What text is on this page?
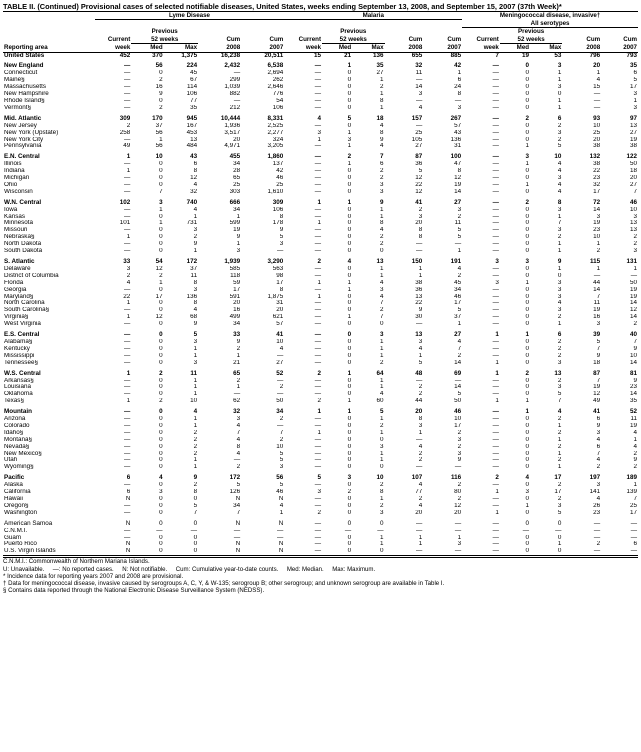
TABLE II. (Continued) Provisional cases of selected notifiable diseases, United States, weeks ending September 13, 2008, and September 15, 2007 (37th Week)*
	Lyme Disease					Malaria					Meningococcal disease, invasive†				
											All serotypes				
		Previous					Previous					Previous			
	Current	52 weeks		Cum	Cum	Current	52 weeks		Cum	Cum	Current	52 weeks		Cum	Cum
Reporting area	week	Med	Max	2008	2007	week	Med	Max	2008	2007	week	Med	Max	2008	2007
United States	452	370	1,375	16,238	20,511	15	21	136	655	885	7	19	53	796	793
New England	—	56	224	2,432	6,538	—	1	35	32	42	—	0	3	20	35
Connecticut	—	0	45	—	2,694	—	0	27	11	1	—	0	1	1	6
Maine§	—	2	67	299	262	—	0	1	—	6	—	0	1	4	5
Massachusetts	—	16	114	1,039	2,646	—	0	2	14	24	—	0	3	15	17
New Hampshire	—	9	106	882	776	—	0	1	3	8	—	0	0	—	3
Rhode Island§	—	0	77	—	54	—	0	8	—	—	—	0	1	—	1
Vermont§	—	2	35	212	106	—	0	1	4	3	—	0	1	—	3
Mid. Atlantic	309	170	945	10,444	8,331	4	5	18	157	267	—	2	6	93	97
New Jersey	2	37	167	1,936	2,525	—	0	4	—	57	—	0	2	10	13
New York (Upstate)	258	56	453	3,517	2,277	3	1	8	25	43	—	0	3	25	27
New York City	—	1	13	20	324	1	3	9	105	136	—	0	2	20	19
Pennsylvania	49	56	484	4,971	3,205	—	1	4	27	31	—	1	5	38	38
E.N. Central	1	10	43	455	1,860	—	2	7	87	100	—	3	10	132	122
Illinois	—	0	6	34	137	—	1	6	36	47	—	1	4	38	50
Indiana	1	0	8	28	42	—	0	2	5	8	—	0	4	22	18
Michigan	—	0	12	65	46	—	0	2	12	12	—	0	3	23	20
Ohio	—	0	4	25	25	—	0	3	22	19	—	1	4	32	27
Wisconsin	—	7	32	303	1,610	—	0	3	12	14	—	0	4	17	7
W.N. Central	102	3	740	666	309	1	1	9	41	27	—	2	8	72	46
Iowa	—	1	4	34	106	—	0	1	2	3	—	0	3	14	10
Kansas	—	0	1	1	8	—	0	1	3	2	—	0	1	3	3
Minnesota	101	1	731	599	178	1	0	8	20	11	—	0	7	19	13
Missouri	—	0	3	19	9	—	0	4	8	5	—	0	3	23	13
Nebraska§	1	0	2	9	5	—	0	2	8	5	—	0	2	10	2
North Dakota	—	0	9	1	3	—	0	2	—	—	—	0	1	1	2
South Dakota	—	0	1	3	—	—	0	0	—	1	—	0	1	2	3
S. Atlantic	33	54	172	1,939	3,290	2	4	13	150	191	3	3	9	115	131
Delaware	3	12	37	585	563	—	0	1	1	4	—	0	1	1	1
District of Columbia	2	2	11	118	98	—	0	1	1	2	—	0	0	—	—
Florida	4	1	8	59	17	1	1	4	38	45	3	1	3	44	50
Georgia	—	0	3	17	8	—	1	3	36	34	—	0	3	14	19
Maryland§	22	17	136	591	1,875	1	0	4	13	46	—	0	3	7	19
North Carolina	1	0	8	20	31	—	0	7	22	17	—	0	4	11	14
South Carolina§	—	0	4	16	20	—	0	2	9	5	—	0	3	19	12
Virginia§	1	12	68	499	621	—	1	7	30	37	—	0	2	16	14
West Virginia	—	0	9	34	57	—	0	0	—	1	—	0	1	3	2
E.S. Central	—	0	5	33	41	—	0	3	13	27	1	1	6	39	40
Alabama§	—	0	3	9	10	—	0	1	3	4	—	0	2	5	7
Kentucky	—	0	1	2	4	—	0	1	4	7	—	0	2	7	9
Mississippi	—	0	1	1	—	—	0	1	1	2	—	0	2	9	10
Tennessee§	—	0	3	21	27	—	0	2	5	14	1	0	3	18	14
W.S. Central	1	2	11	65	52	2	1	64	48	69	1	2	13	87	81
Arkansas§	—	0	1	2	—	—	0	1	—	—	—	0	2	7	9
Louisiana	—	0	1	1	2	—	0	1	2	14	—	0	3	19	23
Oklahoma	—	0	1	—	—	—	0	4	2	5	—	0	5	12	14
Texas§	1	2	10	62	50	2	1	60	44	50	1	1	7	49	35
Mountain	—	0	4	32	34	1	1	5	20	46	—	1	4	41	52
Arizona	—	0	1	3	2	—	0	1	8	10	—	0	2	6	11
Colorado	—	0	1	4	—	—	0	2	3	17	—	0	1	9	19
Idaho§	—	0	2	7	7	1	0	1	1	2	—	0	2	3	4
Montana§	—	0	2	4	2	—	0	0	—	3	—	0	1	4	1
Nevada§	—	0	2	8	10	—	0	3	4	2	—	0	2	6	4
New Mexico§	—	0	2	4	5	—	0	1	2	3	—	0	1	7	2
Utah	—	0	1	—	5	—	0	1	2	9	—	0	2	4	9
Wyoming§	—	0	1	2	3	—	0	0	—	—	—	0	1	2	2
Pacific	6	4	9	172	56	5	3	10	107	116	2	4	17	197	189
Alaska	—	0	2	5	5	—	0	2	4	2	—	0	2	3	1
California	6	3	8	126	46	3	2	8	77	80	1	3	17	141	139
Hawaii	N	0	0	N	N	—	0	1	2	2	—	0	2	4	7
Oregon§	—	0	5	34	4	—	0	2	4	12	—	1	3	26	25
Washington	—	0	7	7	1	2	0	3	20	20	1	0	5	23	17
American Samoa	N	0	0	N	N	—	0	0	—	—	—	0	0	—	—
C.N.M.I.	—	—	—	—	—	—	—	—	—	—	—	—	—	—	—
Guam	—	0	0	—	—	—	0	1	1	1	—	0	0	—	—
Puerto Rico	N	0	0	N	N	—	0	1	1	3	—	0	1	2	6
U.S. Virgin Islands	N	0	0	N	N	—	0	0	—	—	—	0	0	—	—
C.N.M.I.: Commonwealth of Northern Mariana Islands.
U: Unavailable.     —: No reported cases.     N: Not notifiable.     Cum: Cumulative year-to-date counts.     Med: Median.     Max: Maximum.
* Incidence data for reporting years 2007 and 2008 are provisional.
† Data for meningococcal disease, invasive caused by serogroups A, C, Y, & W-135; serogroup B; other serogroup; and unknown serogroup are available in Table I.
§ Contains data reported through the National Electronic Disease Surveillance System (NEDSS).
